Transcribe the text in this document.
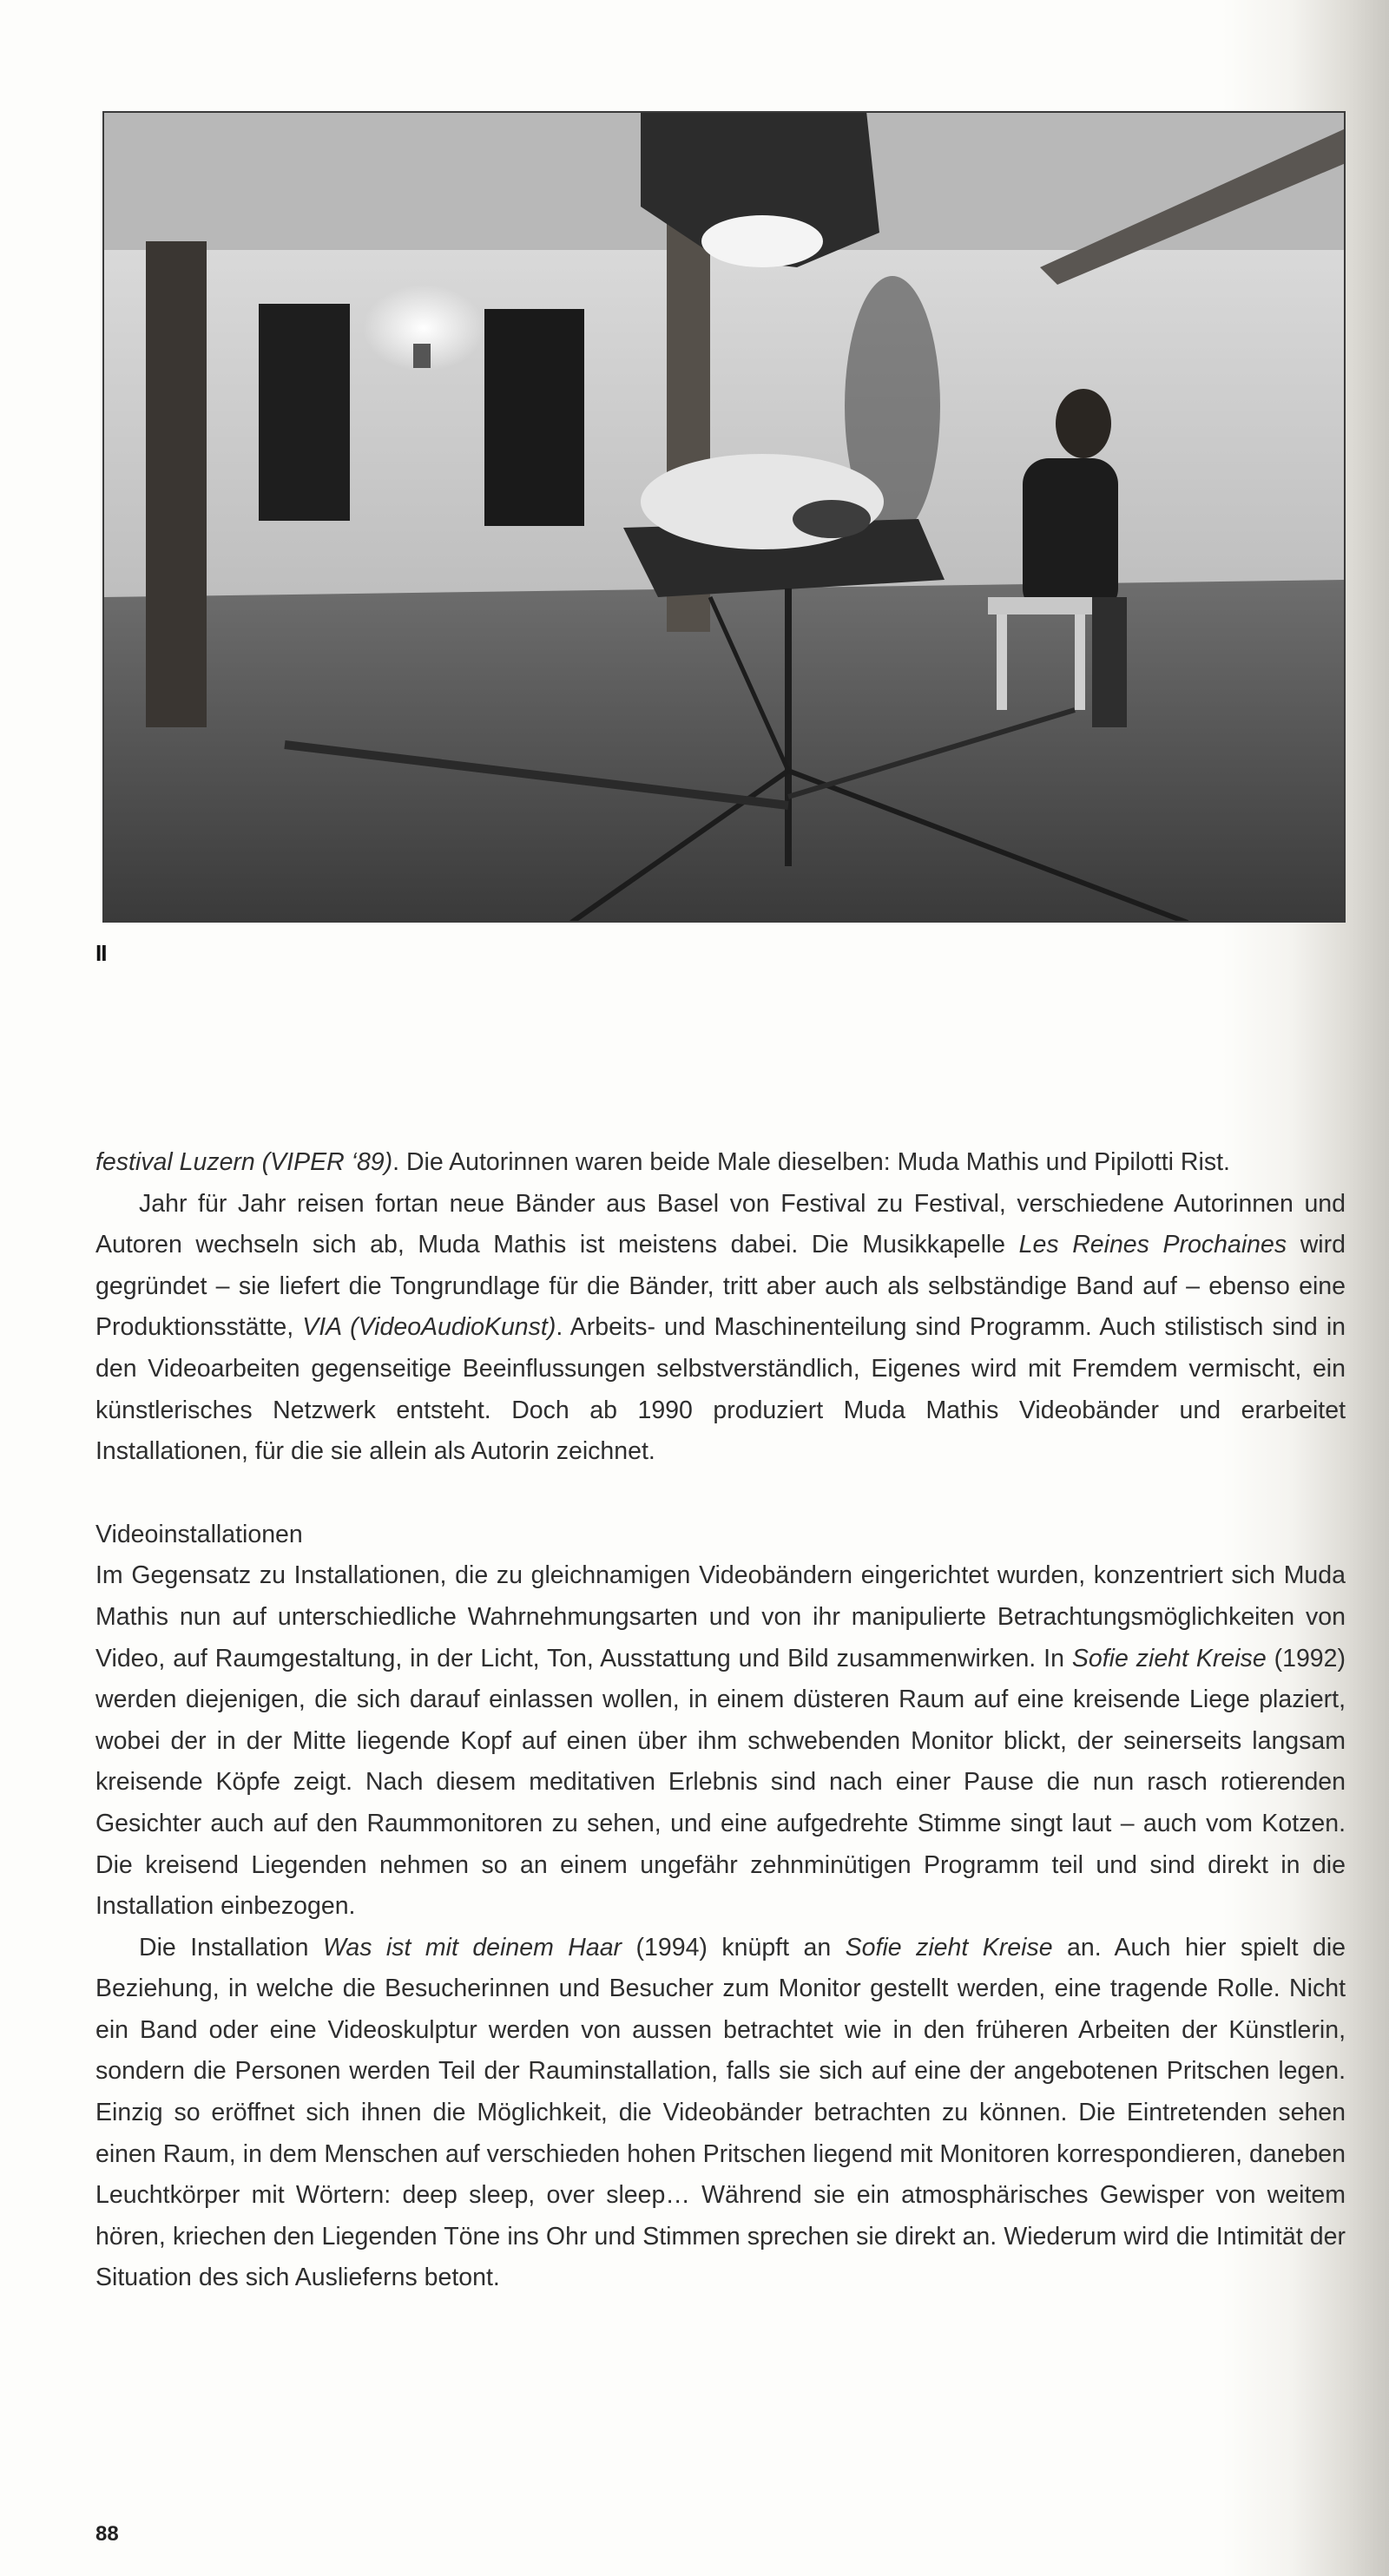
II

festival Luzern (VIPER ‘89). Die Autorinnen waren beide Male dieselben: Muda Mathis und Pipilotti Rist.

Jahr für Jahr reisen fortan neue Bänder aus Basel von Festival zu Festival, verschiedene Autorinnen und Autoren wechseln sich ab, Muda Mathis ist meistens dabei. Die Musikkapelle Les Reines Prochaines wird gegründet – sie liefert die Tongrundlage für die Bänder, tritt aber auch als selbständige Band auf – ebenso eine Produktionsstätte, VIA (VideoAudioKunst). Arbeits- und Maschinenteilung sind Programm. Auch stilistisch sind in den Videoarbeiten gegenseitige Beeinflussungen selbstverständlich, Eigenes wird mit Fremdem vermischt, ein künstlerisches Netzwerk entsteht. Doch ab 1990 produziert Muda Mathis Videobänder und erarbeitet Installationen, für die sie allein als Autorin zeichnet.

Videoinstallationen

Im Gegensatz zu Installationen, die zu gleichnamigen Videobändern eingerichtet wurden, konzentriert sich Muda Mathis nun auf unterschiedliche Wahrnehmungsarten und von ihr manipulierte Betrachtungsmöglichkeiten von Video, auf Raumgestaltung, in der Licht, Ton, Ausstattung und Bild zusammenwirken. In Sofie zieht Kreise (1992) werden diejenigen, die sich darauf einlassen wollen, in einem düsteren Raum auf eine kreisende Liege plaziert, wobei der in der Mitte liegende Kopf auf einen über ihm schwebenden Monitor blickt, der seinerseits langsam kreisende Köpfe zeigt. Nach diesem meditativen Erlebnis sind nach einer Pause die nun rasch rotierenden Gesichter auch auf den Raummonitoren zu sehen, und eine aufgedrehte Stimme singt laut – auch vom Kotzen. Die kreisend Liegenden nehmen so an einem ungefähr zehnminütigen Programm teil und sind direkt in die Installation einbezogen.

Die Installation Was ist mit deinem Haar (1994) knüpft an Sofie zieht Kreise an. Auch hier spielt die Beziehung, in welche die Besucherinnen und Besucher zum Monitor gestellt werden, eine tragende Rolle. Nicht ein Band oder eine Videoskulptur werden von aussen betrachtet wie in den früheren Arbeiten der Künstlerin, sondern die Personen werden Teil der Rauminstallation, falls sie sich auf eine der angebotenen Pritschen legen. Einzig so eröffnet sich ihnen die Möglichkeit, die Videobänder betrachten zu können. Die Eintretenden sehen einen Raum, in dem Menschen auf verschieden hohen Pritschen liegend mit Monitoren korrespondieren, daneben Leuchtkörper mit Wörtern: deep sleep, over sleep… Während sie ein atmosphärisches Gewisper von weitem hören, kriechen den Liegenden Töne ins Ohr und Stimmen sprechen sie direkt an. Wiederum wird die Intimität der Situation des sich Auslieferns betont.

88
